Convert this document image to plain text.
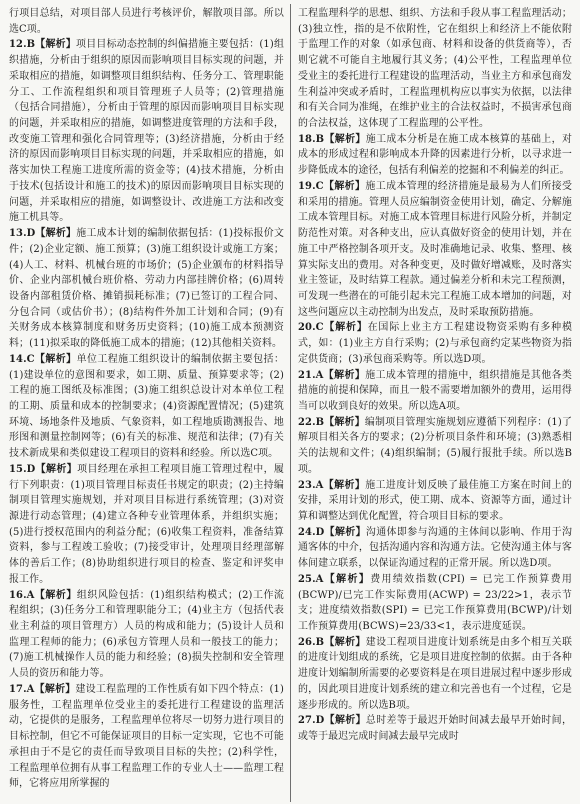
行项目总结，对项目部人员进行考核评价，解散项目部。所以选C项。

12.B【解析】项目目标动态控制的纠偏措施主要包括：(1)组织措施，分析由于组织的原因而影响项目目标实现的问题，并采取相应的措施，如调整项目组织结构、任务分工、管理职能分工、工作流程组织和项目管理班子人员等；(2)管理措施（包括合同措施），分析由于管理的原因而影响项目目标实现的问题，并采取相应的措施，如调整进度管理的方法和手段，改变施工管理和强化合同管理等；(3)经济措施，分析由于经济的原因而影响项目目标实现的问题，并采取相应的措施，如落实加快工程施工进度所需的资金等；(4)技术措施，分析由于技术(包括设计和施工的技术)的原因而影响项目目标实现的问题，并采取相应的措施，如调整设计、改进施工方法和改变施工机具等。

13.D【解析】施工成本计划的编制依据包括：(1)投标报价文件；(2)企业定额、施工预算；(3)施工组织设计或施工方案；(4)人工、材料、机械台班的市场价；(5)企业颁布的材料指导价、企业内部机械台班价格、劳动力内部挂牌价格；(6)周转设备内部租赁价格、摊销损耗标准；(7)已签订的工程合同、分包合同（或估价书）；(8)结构件外加工计划和合同；(9)有关财务成本核算制度和财务历史资料；(10)施工成本预测资料；(11)拟采取的降低施工成本的措施；(12)其他相关资料。

14.C【解析】单位工程施工组织设计的编制依据主要包括：(1)建设单位的意图和要求，如工期、质量、预算要求等；(2)工程的施工图纸及标准图；(3)施工组织总设计对本单位工程的工期、质量和成本的控制要求；(4)资源配置情况；(5)建筑环境、场地条件及地质、气象资料，如工程地质勘测报告、地形图和测量控制网等；(6)有关的标准、规范和法律；(7)有关技术新成果和类似建设工程项目的资料和经验。所以选C项。

15.D【解析】项目经理在承担工程项目施工管理过程中，履行下列职责：(1)项目管理目标责任书规定的职责；(2)主持编制项目管理实施规划，并对项目目标进行系统管理；(3)对资源进行动态管理；(4)建立各种专业管理体系，并组织实施；(5)进行授权范围内的利益分配；(6)收集工程资料，准备结算资料，参与工程竣工验收；(7)接受审计，处理项目经理部解体的善后工作；(8)协助组织进行项目的检查、鉴定和评奖申报工作。

16.A【解析】组织风险包括：(1)组织结构模式；(2)工作流程组织；(3)任务分工和管理职能分工；(4)业主方（包括代表业主利益的项目管理方）人员的构成和能力；(5)设计人员和监理工程师的能力；(6)承包方管理人员和一般技工的能力；(7)施工机械操作人员的能力和经验；(8)损失控制和安全管理人员的资历和能力等。

17.A【解析】建设工程监理的工作性质有如下四个特点：(1)服务性，工程监理单位受业主的委托进行工程建设的监理活动，它提供的是服务，工程监理单位将尽一切努力进行项目的目标控制，但它不可能保证项目的目标一定实现，它也不可能承担由于不是它的责任而导致项目目标的失控；(2)科学性，工程监理单位拥有从事工程监理工作的专业人士——监理工程师，它将应用所掌握的

工程监理科学的思想、组织、方法和手段从事工程监理活动；(3)独立性，指的是不依附性，它在组织上和经济上不能依附于监理工作的对象（如承包商、材料和设备的供货商等），否则它就不可能自主地履行其义务；(4)公平性，工程监理单位受业主的委托进行工程建设的监理活动，当业主方和承包商发生利益冲突或矛盾时，工程监理机构应以事实为依据，以法律和有关合同为准绳，在维护业主的合法权益时，不损害承包商的合法权益，这体现了工程监理的公平性。

18.B【解析】施工成本分析是在施工成本核算的基础上，对成本的形成过程和影响成本升降的因素进行分析，以寻求进一步降低成本的途径，包括有利偏差的挖掘和不利偏差的纠正。

19.C【解析】施工成本管理的经济措施是最易为人们所接受和采用的措施。管理人员应编制资金使用计划，确定、分解施工成本管理目标。对施工成本管理目标进行风险分析，并制定防范性对策。对各种支出，应认真做好资金的使用计划，并在施工中严格控制各项开支。及时准确地记录、收集、整理、核算实际支出的费用。对各种变更，及时做好增减账，及时落实业主签证，及时结算工程款。通过偏差分析和未完工程预测，可发现一些潜在的可能引起未完工程施工成本增加的问题，对这些问题应以主动控制为出发点，及时采取预防措施。

20.C【解析】在国际上业主方工程建设物资采购有多种模式，如：(1)业主方自行采购；(2)与承包商约定某些物资为指定供货商；(3)承包商采购等。所以选D项。

21.A【解析】施工成本管理的措施中，组织措施是其他各类措施的前提和保障，而且一般不需要增加额外的费用，运用得当可以收到良好的效果。所以选A项。

22.B【解析】编制项目管理实施规划应遵循下列程序：(1)了解项目相关各方的要求；(2)分析项目条件和环境；(3)熟悉相关的法规和文件；(4)组织编制；(5)履行报批手续。所以选B项。

23.A【解析】施工进度计划反映了最佳施工方案在时间上的安排，采用计划的形式，使工期、成本、资源等方面，通过计算和调整达到优化配置，符合项目目标的要求。

24.D【解析】沟通体即参与沟通的主体间以影响、作用于沟通客体的中介，包括沟通内容和沟通方法。它使沟通主体与客体间建立联系，以保证沟通过程的正常开展。所以选D项。

25.A【解析】费用绩效指数(CPI) = 已完工作预算费用(BCWP)/已完工作实际费用(ACWP) = 23/22>1，表示节支；进度绩效指数(SPI) = 已完工作预算费用(BCWP)/计划工作预算费用(BCWS)=23/33<1，表示进度延误。

26.B【解析】建设工程项目进度计划系统是由多个相互关联的进度计划组成的系统，它是项目进度控制的依据。由于各种进度计划编制所需要的必要资料是在项目进展过程中逐步形成的，因此项目进度计划系统的建立和完善也有一个过程，它是逐步形成的。所以选B项。

27.D【解析】总时差等于最迟开始时间减去最早开始时间，或等于最迟完成时间减去最早完成时
